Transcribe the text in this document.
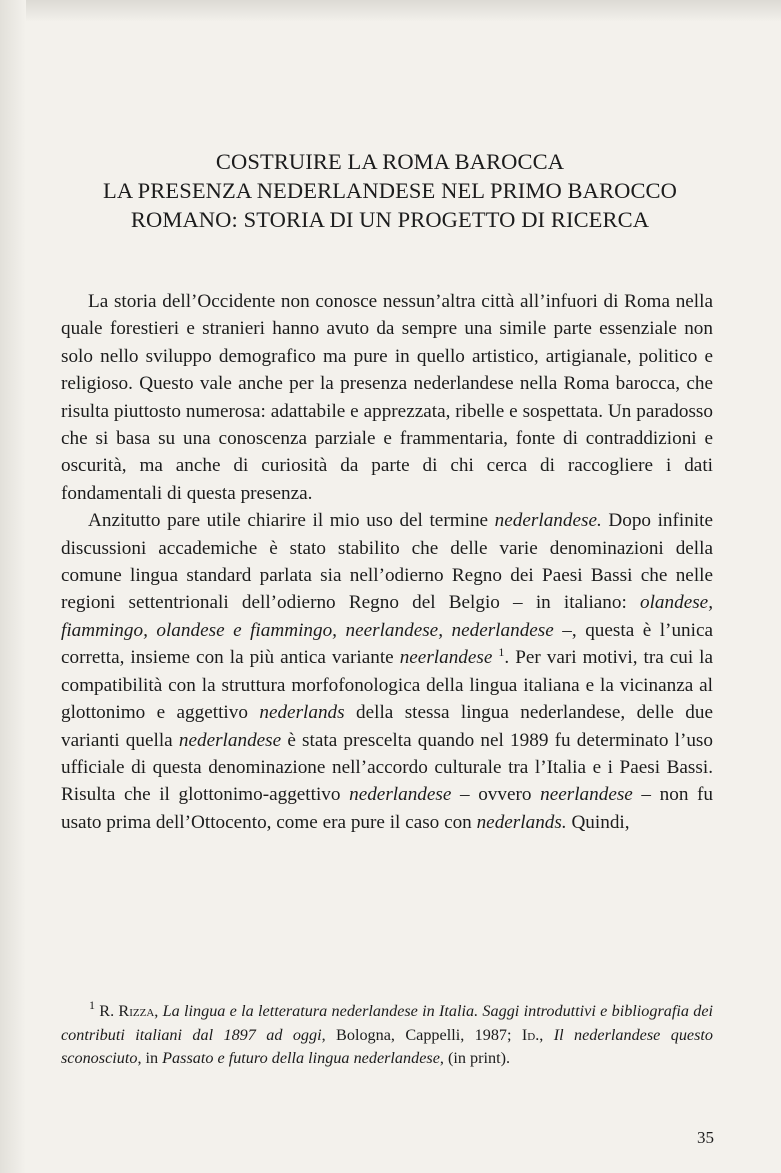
COSTRUIRE LA ROMA BAROCCA
LA PRESENZA NEDERLANDESE NEL PRIMO BAROCCO
ROMANO: STORIA DI UN PROGETTO DI RICERCA

La storia dell’Occidente non conosce nessun’altra città all’infuori di Roma nella quale forestieri e stranieri hanno avuto da sempre una simile parte essenziale non solo nello sviluppo demografico ma pure in quello artistico, artigianale, politico e religioso. Questo vale anche per la presenza nederlandese nella Roma barocca, che risulta piuttosto numerosa: adattabile e apprezzata, ribelle e sospettata. Un paradosso che si basa su una conoscenza parziale e frammentaria, fonte di contraddizioni e oscurità, ma anche di curiosità da parte di chi cerca di raccogliere i dati fondamentali di questa presenza.

Anzitutto pare utile chiarire il mio uso del termine nederlandese. Dopo infinite discussioni accademiche è stato stabilito che delle varie denominazioni della comune lingua standard parlata sia nell’odierno Regno dei Paesi Bassi che nelle regioni settentrionali dell’odierno Regno del Belgio – in italiano: olandese, fiammingo, olandese e fiammingo, neerlandese, nederlandese –, questa è l’unica corretta, insieme con la più antica variante neerlandese $^1$. Per vari motivi, tra cui la compatibilità con la struttura morfofonologica della lingua italiana e la vicinanza al glottonimo e aggettivo nederlands della stessa lingua nederlandese, delle due varianti quella nederlandese è stata prescelta quando nel 1989 fu determinato l’uso ufficiale di questa denominazione nell’accordo culturale tra l’Italia e i Paesi Bassi. Risulta che il glottonimo-aggettivo nederlandese – ovvero neerlandese – non fu usato prima dell’Ottocento, come era pure il caso con nederlands. Quindi,

$^1$ R. Rizza, La lingua e la letteratura nederlandese in Italia. Saggi introduttivi e bibliografia dei contributi italiani dal 1897 ad oggi, Bologna, Cappelli, 1987; Id., Il nederlandese questo sconosciuto, in Passato e futuro della lingua nederlandese, (in print).

35
